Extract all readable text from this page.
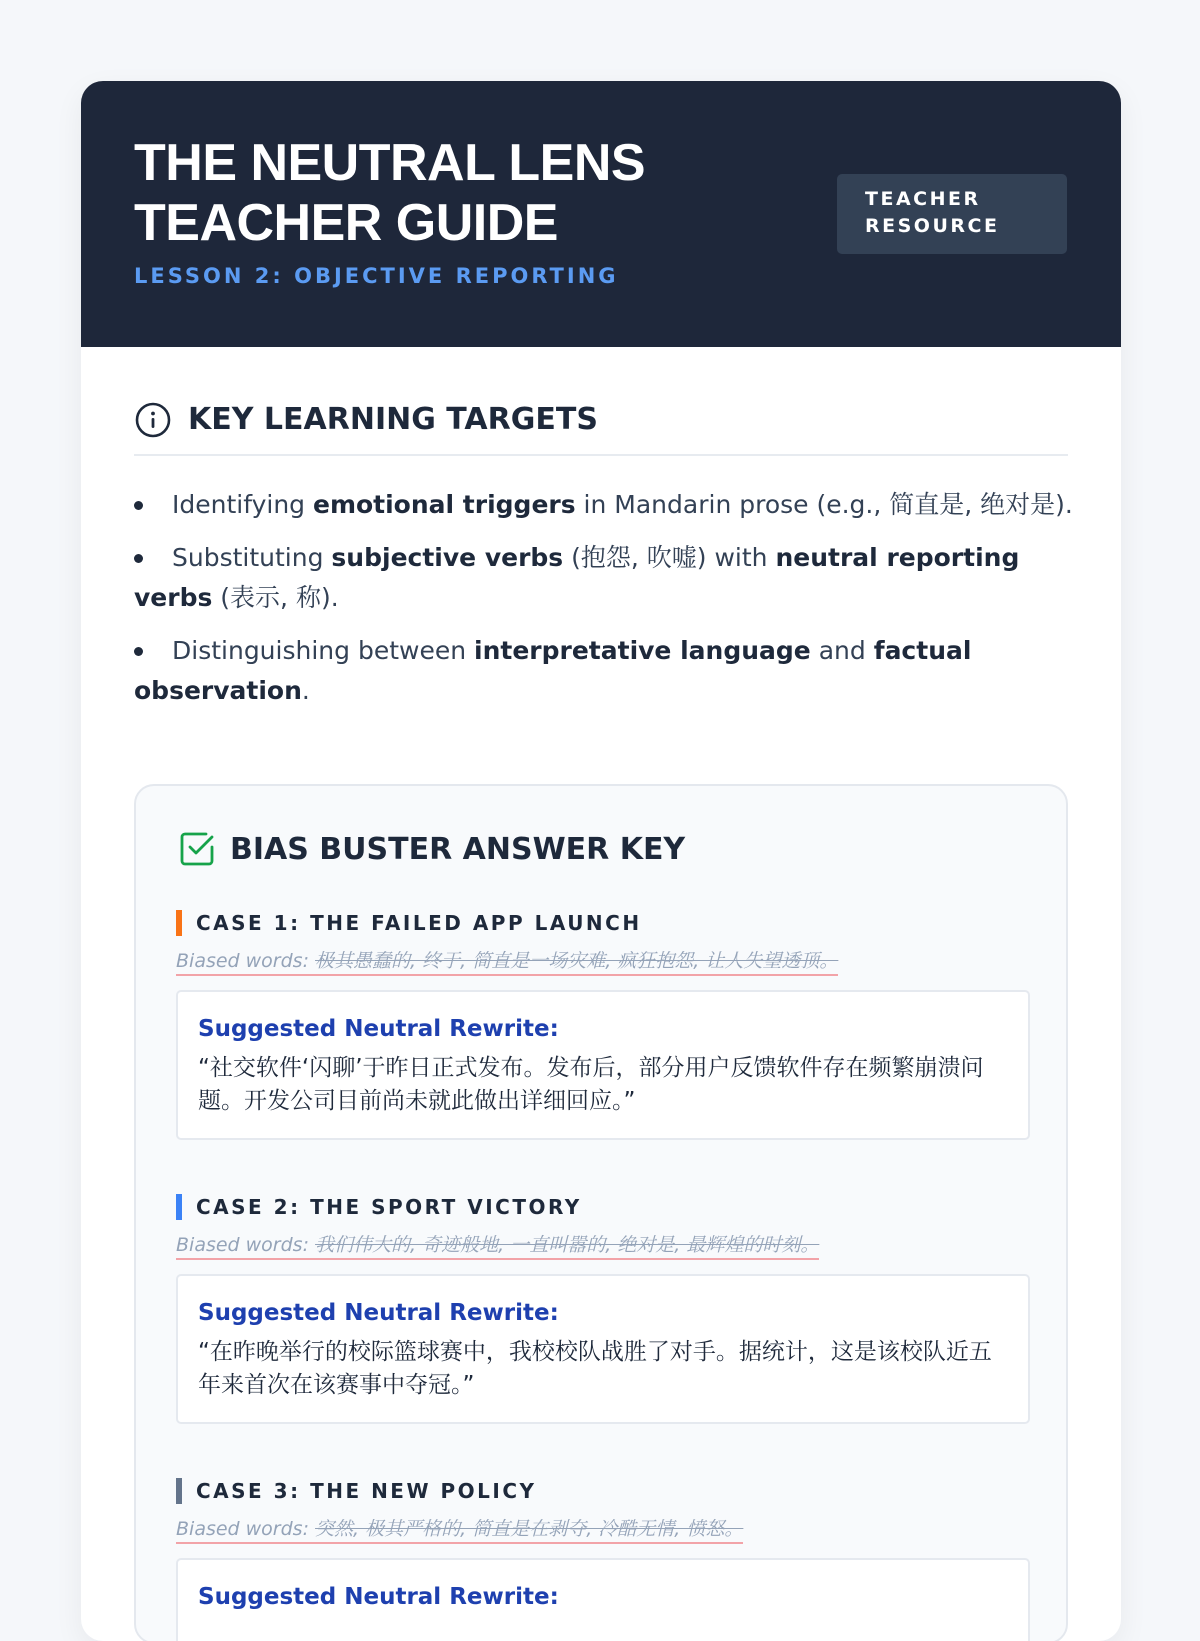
THE NEUTRAL LENS
TEACHER GUIDE
LESSON 2: OBJECTIVE REPORTING
TEACHER
RESOURCE
KEY LEARNING TARGETS
Identifying emotional triggers in Mandarin prose (e.g., 简直是, 绝对是).
Substituting subjective verbs (抱怨, 吹嘘) with neutral reporting verbs (表示, 称).
Distinguishing between interpretative language and factual observation.
BIAS BUSTER ANSWER KEY
CASE 1: THE FAILED APP LAUNCH
Biased words: 极其愚蠢的, 终于, 简直是一场灾难, 疯狂抱怨, 让人失望透顶。
Suggested Neutral Rewrite:
“社交软件‘闪聊’于昨日正式发布。发布后，部分用户反馈软件存在频繁崩溃问题。开发公司目前尚未就此做出详细回应。”
CASE 2: THE SPORT VICTORY
Biased words: 我们伟大的, 奇迹般地, 一直叫嚣的, 绝对是, 最辉煌的时刻。
Suggested Neutral Rewrite:
“在昨晚举行的校际篮球赛中，我校校队战胜了对手。据统计，这是该校队近五年来首次在该赛事中夺冠。”
CASE 3: THE NEW POLICY
Biased words: 突然, 极其严格的, 简直是在剥夺, 冷酷无情, 愤怒。
Suggested Neutral Rewrite:
